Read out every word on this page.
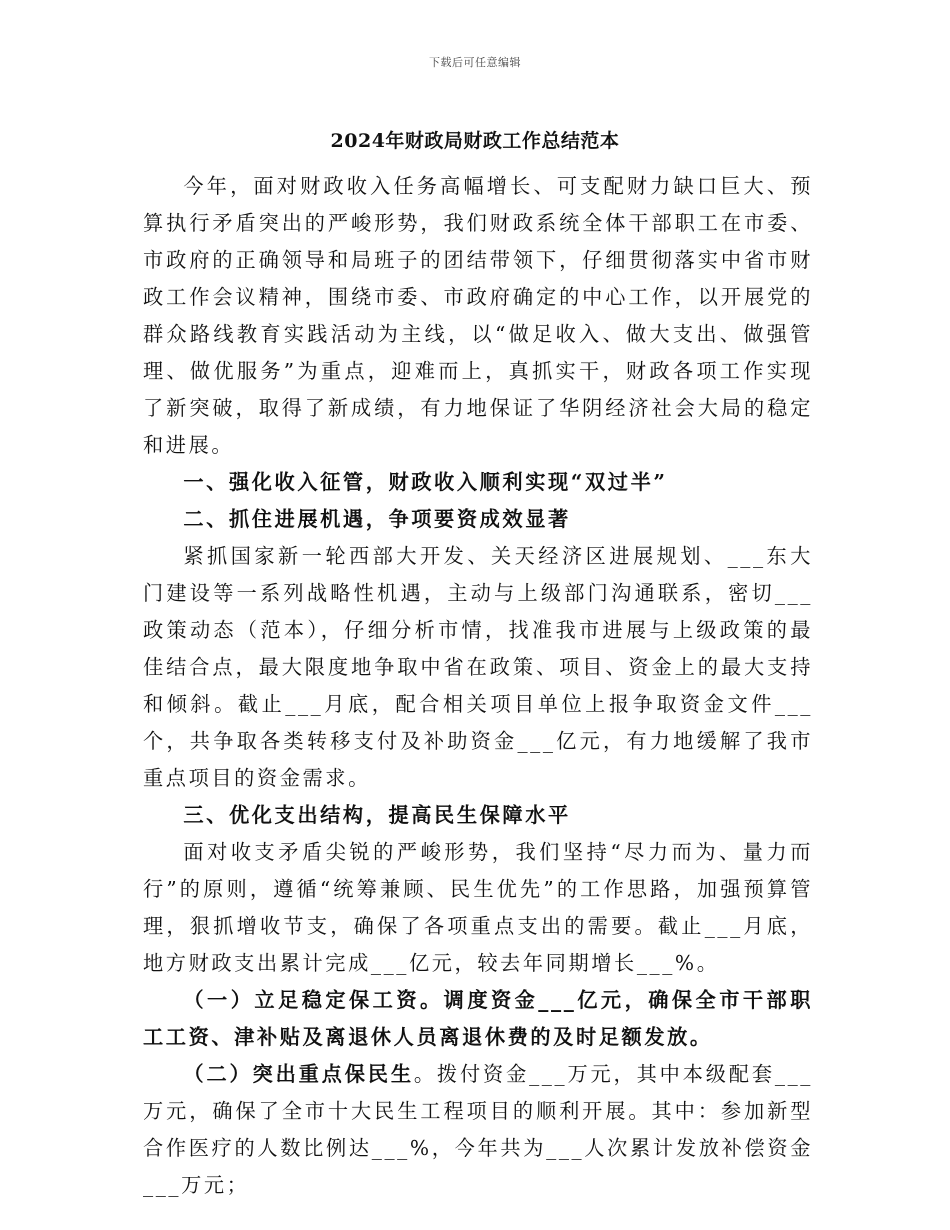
下载后可任意编辑
2024年财政局财政工作总结范本

今年，面对财政收入任务高幅增长、可支配财力缺口巨大、预算执行矛盾突出的严峻形势，我们财政系统全体干部职工在市委、市政府的正确领导和局班子的团结带领下，仔细贯彻落实中省市财政工作会议精神，围绕市委、市政府确定的中心工作，以开展党的群众路线教育实践活动为主线，以“做足收入、做大支出、做强管理、做优服务”为重点，迎难而上，真抓实干，财政各项工作实现了新突破，取得了新成绩，有力地保证了华阴经济社会大局的稳定和进展。

一、强化收入征管，财政收入顺利实现“双过半”

二、抓住进展机遇，争项要资成效显著

紧抓国家新一轮西部大开发、关天经济区进展规划、___东大门建设等一系列战略性机遇，主动与上级部门沟通联系，密切___政策动态（范本），仔细分析市情，找准我市进展与上级政策的最佳结合点，最大限度地争取中省在政策、项目、资金上的最大支持和倾斜。截止___月底，配合相关项目单位上报争取资金文件___个，共争取各类转移支付及补助资金___亿元，有力地缓解了我市重点项目的资金需求。

三、优化支出结构，提高民生保障水平

面对收支矛盾尖锐的严峻形势，我们坚持“尽力而为、量力而行”的原则，遵循“统筹兼顾、民生优先”的工作思路，加强预算管理，狠抓增收节支，确保了各项重点支出的需要。截止___月底，地方财政支出累计完成___亿元，较去年同期增长___%。

（一）立足稳定保工资。调度资金___亿元，确保全市干部职工工资、津补贴及离退休人员离退休费的及时足额发放。

（二）突出重点保民生。拨付资金___万元，其中本级配套___万元，确保了全市十大民生工程项目的顺利开展。其中：参加新型合作医疗的人数比例达___%，今年共为___人次累计发放补偿资金___万元；
